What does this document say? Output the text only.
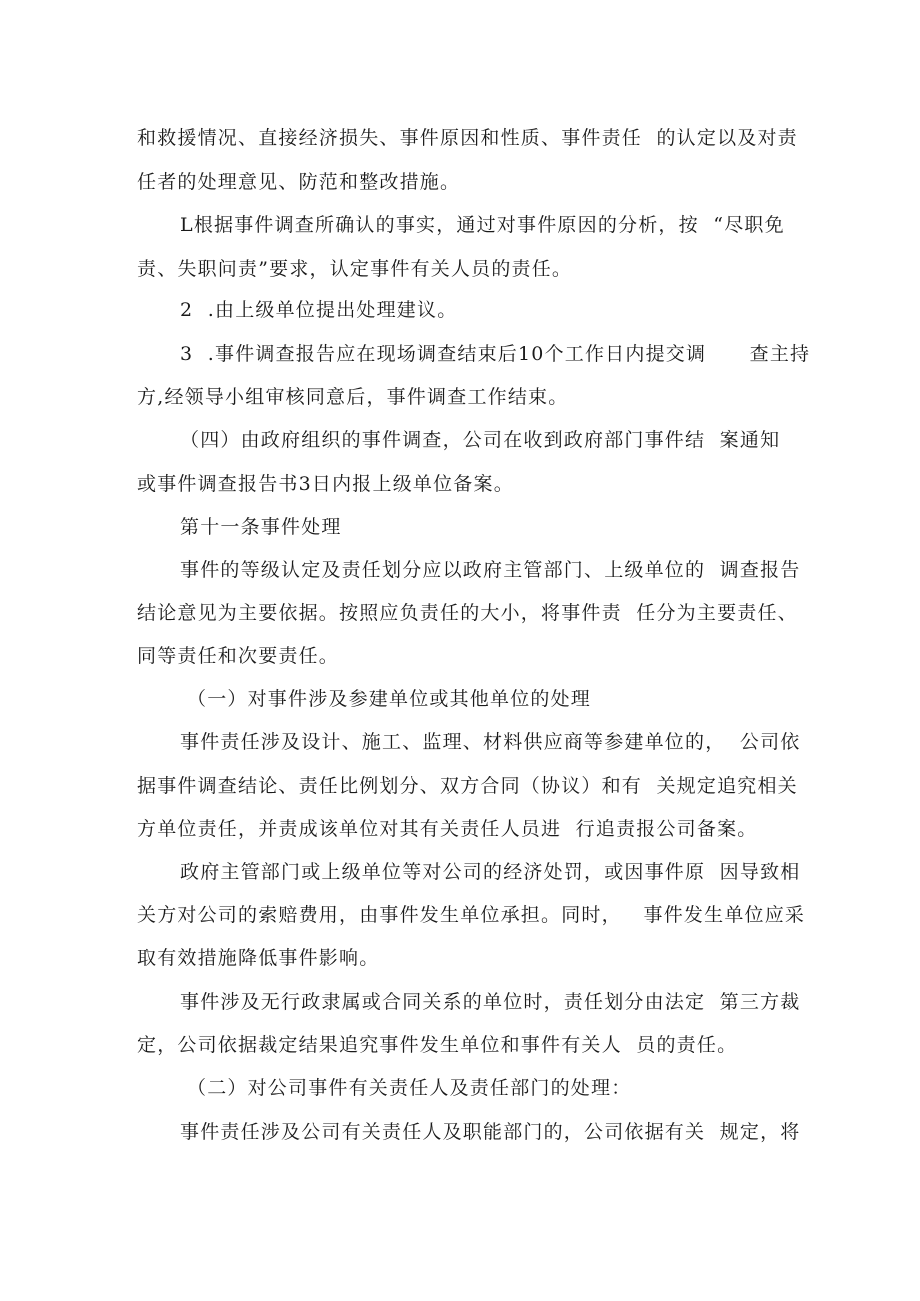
和救援情况、直接经济损失、事件原因和性质、事件责任  的认定以及对责
任者的处理意见、防范和整改措施。
L根据事件调查所确认的事实，通过对事件原因的分析，按  “尽职免
责、失职问责”要求，认定事件有关人员的责任。
2  .由上级单位提出处理建议。
3  .事件调查报告应在现场调查结束后10个工作日内提交调      查主持
方,经领导小组审核同意后，事件调查工作结束。
（四）由政府组织的事件调查，公司在收到政府部门事件结  案通知
或事件调查报告书3日内报上级单位备案。
第十一条事件处理
事件的等级认定及责任划分应以政府主管部门、上级单位的  调查报告
结论意见为主要依据。按照应负责任的大小，将事件责  任分为主要责任、
同等责任和次要责任。
（一）对事件涉及参建单位或其他单位的处理
事件责任涉及设计、施工、监理、材料供应商等参建单位的，  公司依
据事件调查结论、责任比例划分、双方合同（协议）和有  关规定追究相关
方单位责任，并责成该单位对其有关责任人员进  行追责报公司备案。
政府主管部门或上级单位等对公司的经济处罚，或因事件原  因导致相
关方对公司的索赔费用，由事件发生单位承担。同时，   事件发生单位应采
取有效措施降低事件影响。
事件涉及无行政隶属或合同关系的单位时，责任划分由法定  第三方裁
定，公司依据裁定结果追究事件发生单位和事件有关人  员的责任。
（二）对公司事件有关责任人及责任部门的处理：
事件责任涉及公司有关责任人及职能部门的，公司依据有关  规定，将
